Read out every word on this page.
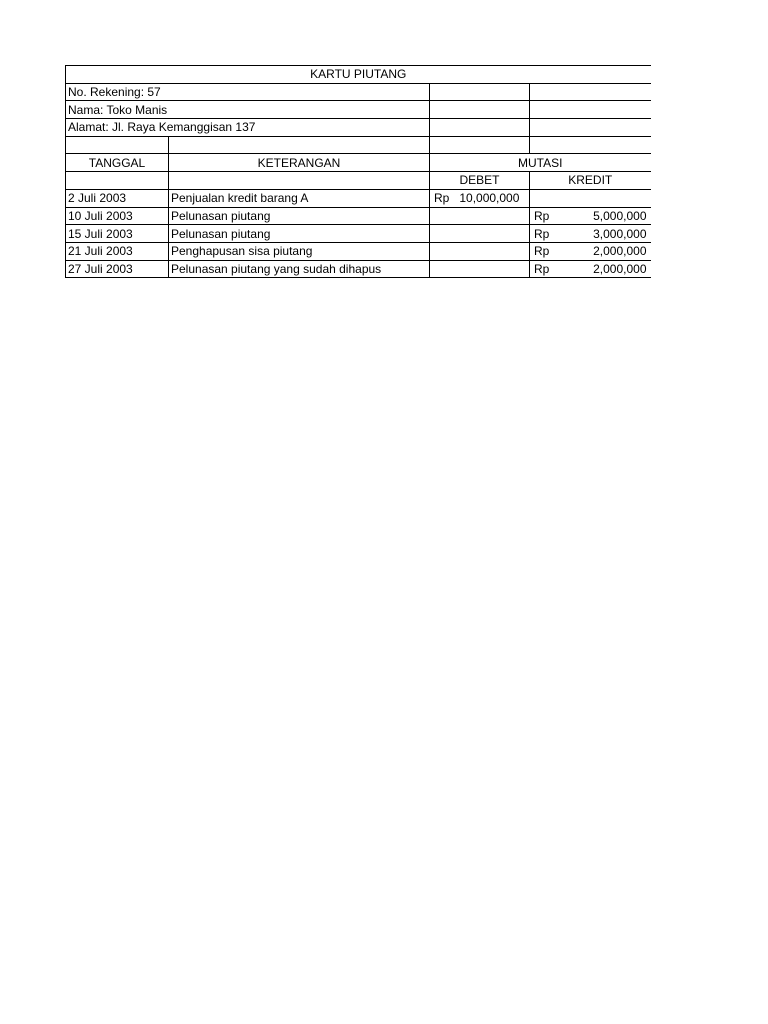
KARTU PIUTANG			
No. Rekening: 57			
Nama: Toko Manis			
Alamat: Jl. Raya Kemanggisan 137			

TANGGAL	KETERANGAN	MUTASI	
		DEBET	KREDIT
2 Juli 2003	Penjualan kredit barang A	Rp 10,000,000	

10 Juli 2003	Pelunasan piutang		Rp 5,000,000

15 Juli 2003	Pelunasan piutang		Rp 3,000,000

21 Juli 2003	Penghapusan sisa piutang		Rp 2,000,000

27 Juli 2003	Pelunasan piutang yang sudah dihapus		Rp 2,000,000
